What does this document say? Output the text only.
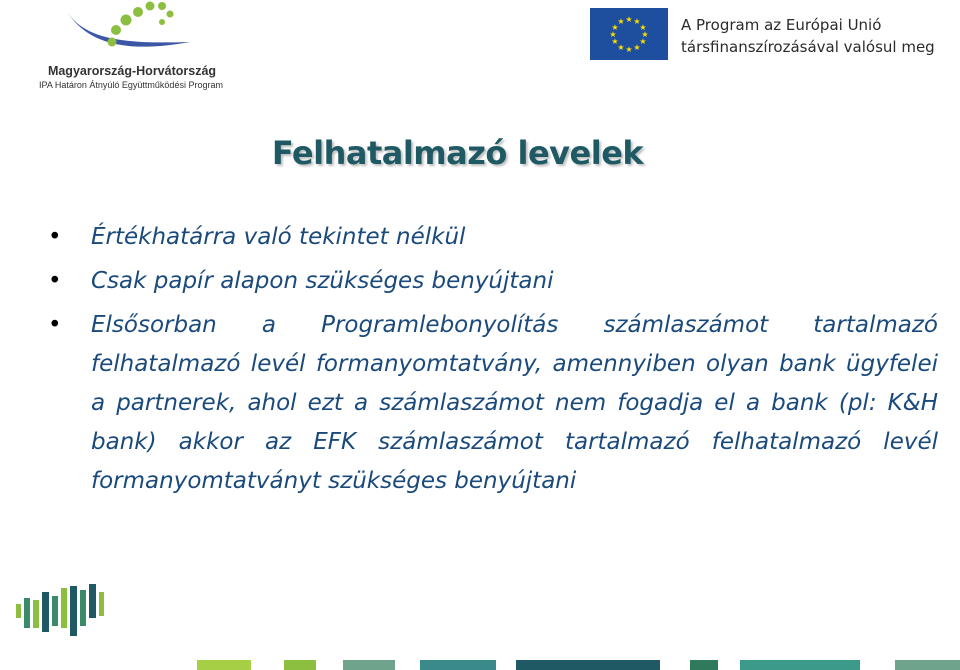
Magyarország-Horvátország
IPA Határon Átnyúló Együttműködési Program
★ ★
★
★
★
★
★
★
★
★
★
★	A Program az Európai Unió
társfinanszírozásával valósul meg
Felhatalmazó levelek
• Értékhatárra való tekintet nélkül
• Csak papír alapon szükséges benyújtani
• Elsősorban a Programlebonyolítás számlaszámot tartalmazó felhatalmazó levél formanyomtatvány, amennyiben olyan bank ügyfelei a partnerek, ahol ezt a számlaszámot nem fogadja el a bank (pl: K&H bank) akkor az EFK számlaszámot tartalmazó felhatalmazó levél formanyomtatványt szükséges benyújtani
